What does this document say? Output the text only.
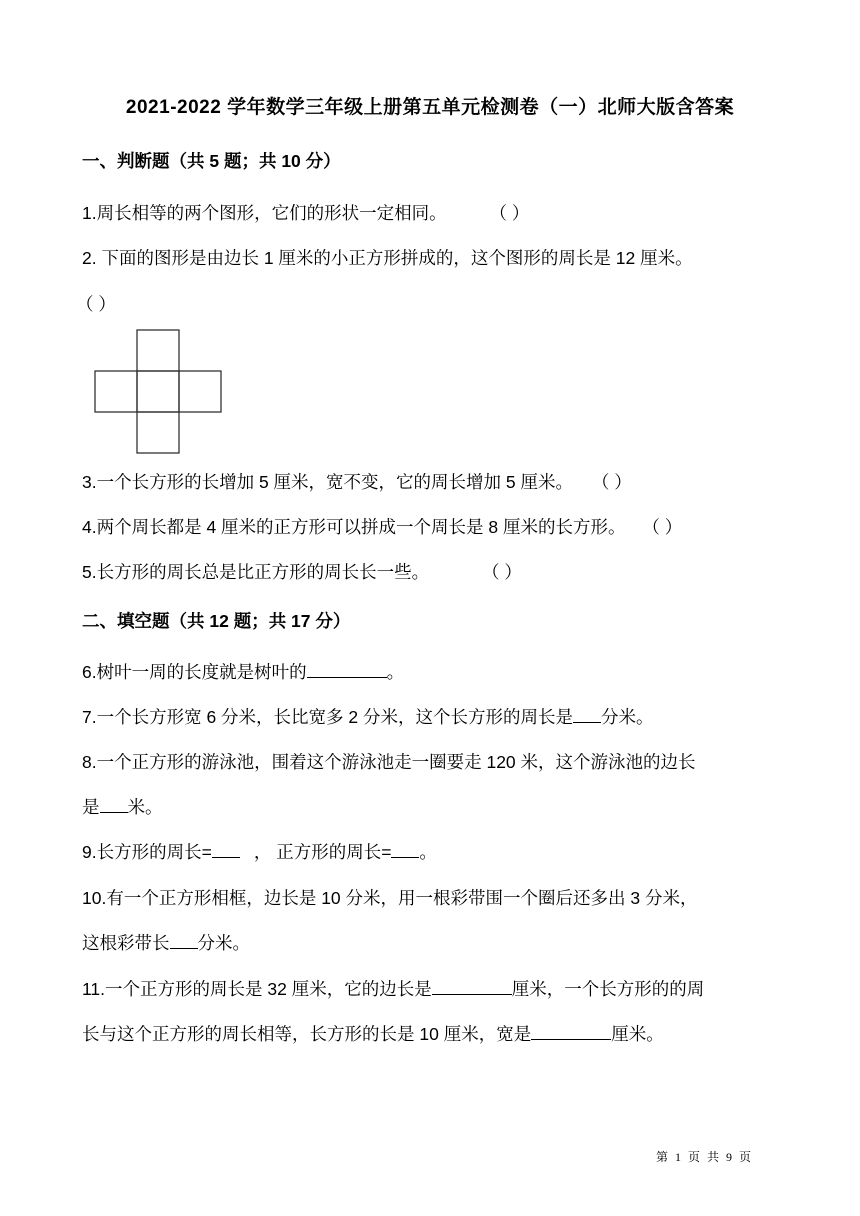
2021-2022 学年数学三年级上册第五单元检测卷（一）北师大版含答案
一、判断题（共 5 题；共 10 分）
1.周长相等的两个图形，它们的形状一定相同。 （ ）
2. 下面的图形是由边长 1 厘米的小正方形拼成的，这个图形的周长是 12 厘米。
（ ）
3.一个长方形的长增加 5 厘米，宽不变，它的周长增加 5 厘米。 （ ）
4.两个周长都是 4 厘米的正方形可以拼成一个周长是 8 厘米的长方形。 （ ）
5.长方形的周长总是比正方形的周长长一些。	（ ）
二、填空题（共 12 题；共 17 分）
6.树叶一周的长度就是树叶的	。
7.一个长方形宽 6 分米，长比宽多 2 分米，这个长方形的周长是 分米。
8.一个正方形的游泳池，围着这个游泳池走一圈要走 120 米，这个游泳池的边长
是 米。
9.长方形的周长= ， 正方形的周长= 。
10.有一个正方形相框，边长是 10 分米，用一根彩带围一个圈后还多出 3 分米，
这根彩带长 分米。
11.一个正方形的周长是 32 厘米，它的边长是	厘米，一个长方形的的周
长与这个正方形的周长相等，长方形的长是 10 厘米，宽是	厘米。
第 1 页 共 9 页
